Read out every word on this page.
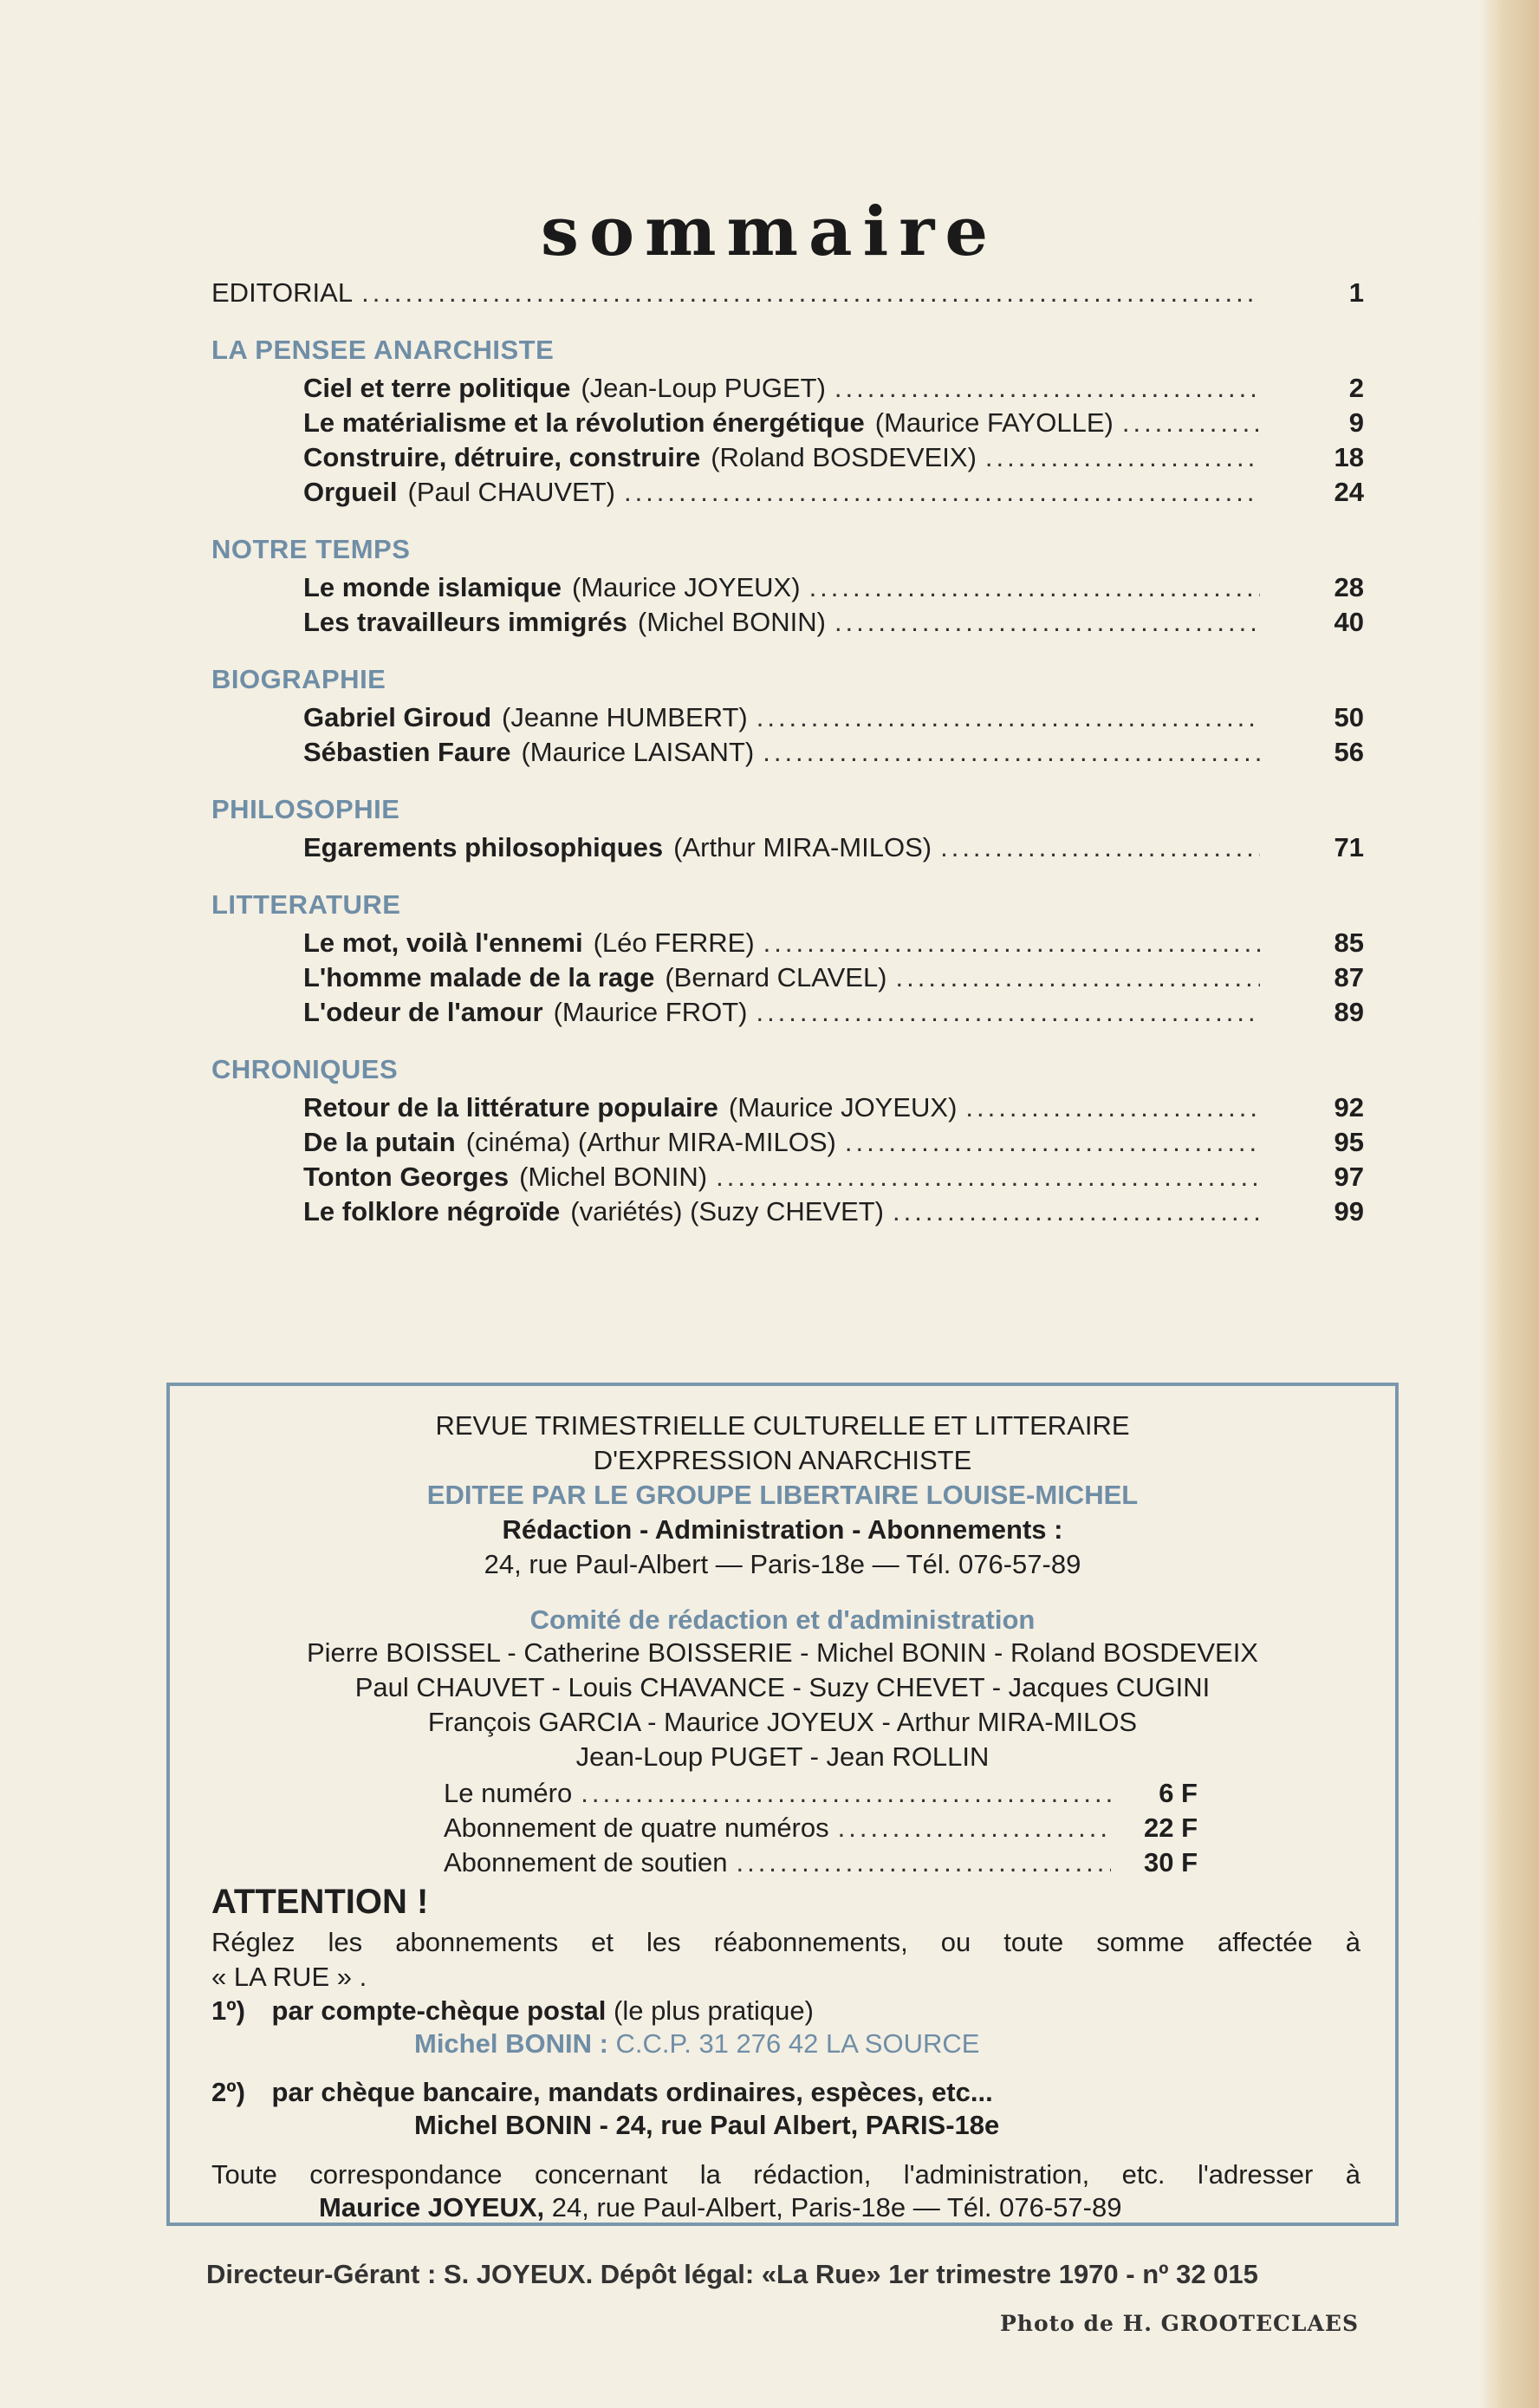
sommaire
EDITORIAL .....	1
LA PENSEE ANARCHISTE
Ciel et terre politique (Jean-Loup PUGET) .....	2
Le matérialisme et la révolution énergétique (Maurice FAYOLLE) .....	9
Construire, détruire, construire (Roland BOSDEVEIX) .....	18
Orgueil (Paul CHAUVET) .....	24
NOTRE TEMPS
Le monde islamique (Maurice JOYEUX) .....	28
Les travailleurs immigrés (Michel BONIN) .....	40
BIOGRAPHIE
Gabriel Giroud (Jeanne HUMBERT) .....	50
Sébastien Faure (Maurice LAISANT) .....	56
PHILOSOPHIE
Egarements philosophiques (Arthur MIRA-MILOS) .....	71
LITTERATURE
Le mot, voilà l'ennemi (Léo FERRE) .....	85
L'homme malade de la rage (Bernard CLAVEL) .....	87
L'odeur de l'amour (Maurice FROT) .....	89
CHRONIQUES
Retour de la littérature populaire (Maurice JOYEUX) .....	92
De la putain (cinéma) (Arthur MIRA-MILOS) .....	95
Tonton Georges (Michel BONIN) .....	97
Le folklore négroïde (variétés) (Suzy CHEVET) .....	99
REVUE TRIMESTRIELLE CULTURELLE ET LITTERAIRE
D'EXPRESSION ANARCHISTE
EDITEE PAR LE GROUPE LIBERTAIRE LOUISE-MICHEL
Rédaction - Administration - Abonnements :
24, rue Paul-Albert — Paris-18e — Tél. 076-57-89
Comité de rédaction et d'administration
Pierre BOISSEL - Catherine BOISSERIE - Michel BONIN - Roland BOSDEVEIX
Paul CHAUVET - Louis CHAVANCE - Suzy CHEVET - Jacques CUGINI
François GARCIA - Maurice JOYEUX - Arthur MIRA-MILOS
Jean-Loup PUGET - Jean ROLLIN
Le numéro .....	6 F
Abonnement de quatre numéros .....	22 F
Abonnement de soutien .....	30 F
ATTENTION !
Réglez les abonnements et les réabonnements, ou toute somme affectée à
« LA RUE » .
1º) par compte-chèque postal (le plus pratique)
Michel BONIN : C.C.P. 31 276 42 LA SOURCE
2º) par chèque bancaire, mandats ordinaires, espèces, etc...
Michel BONIN - 24, rue Paul Albert, PARIS-18e
Toute correspondance concernant la rédaction, l'administration, etc. l'adresser à
Maurice JOYEUX, 24, rue Paul-Albert, Paris-18e — Tél. 076-57-89
Directeur-Gérant : S. JOYEUX. Dépôt légal: «La Rue» 1er trimestre 1970 - nº 32 015
Photo de H. GROOTECLAES
